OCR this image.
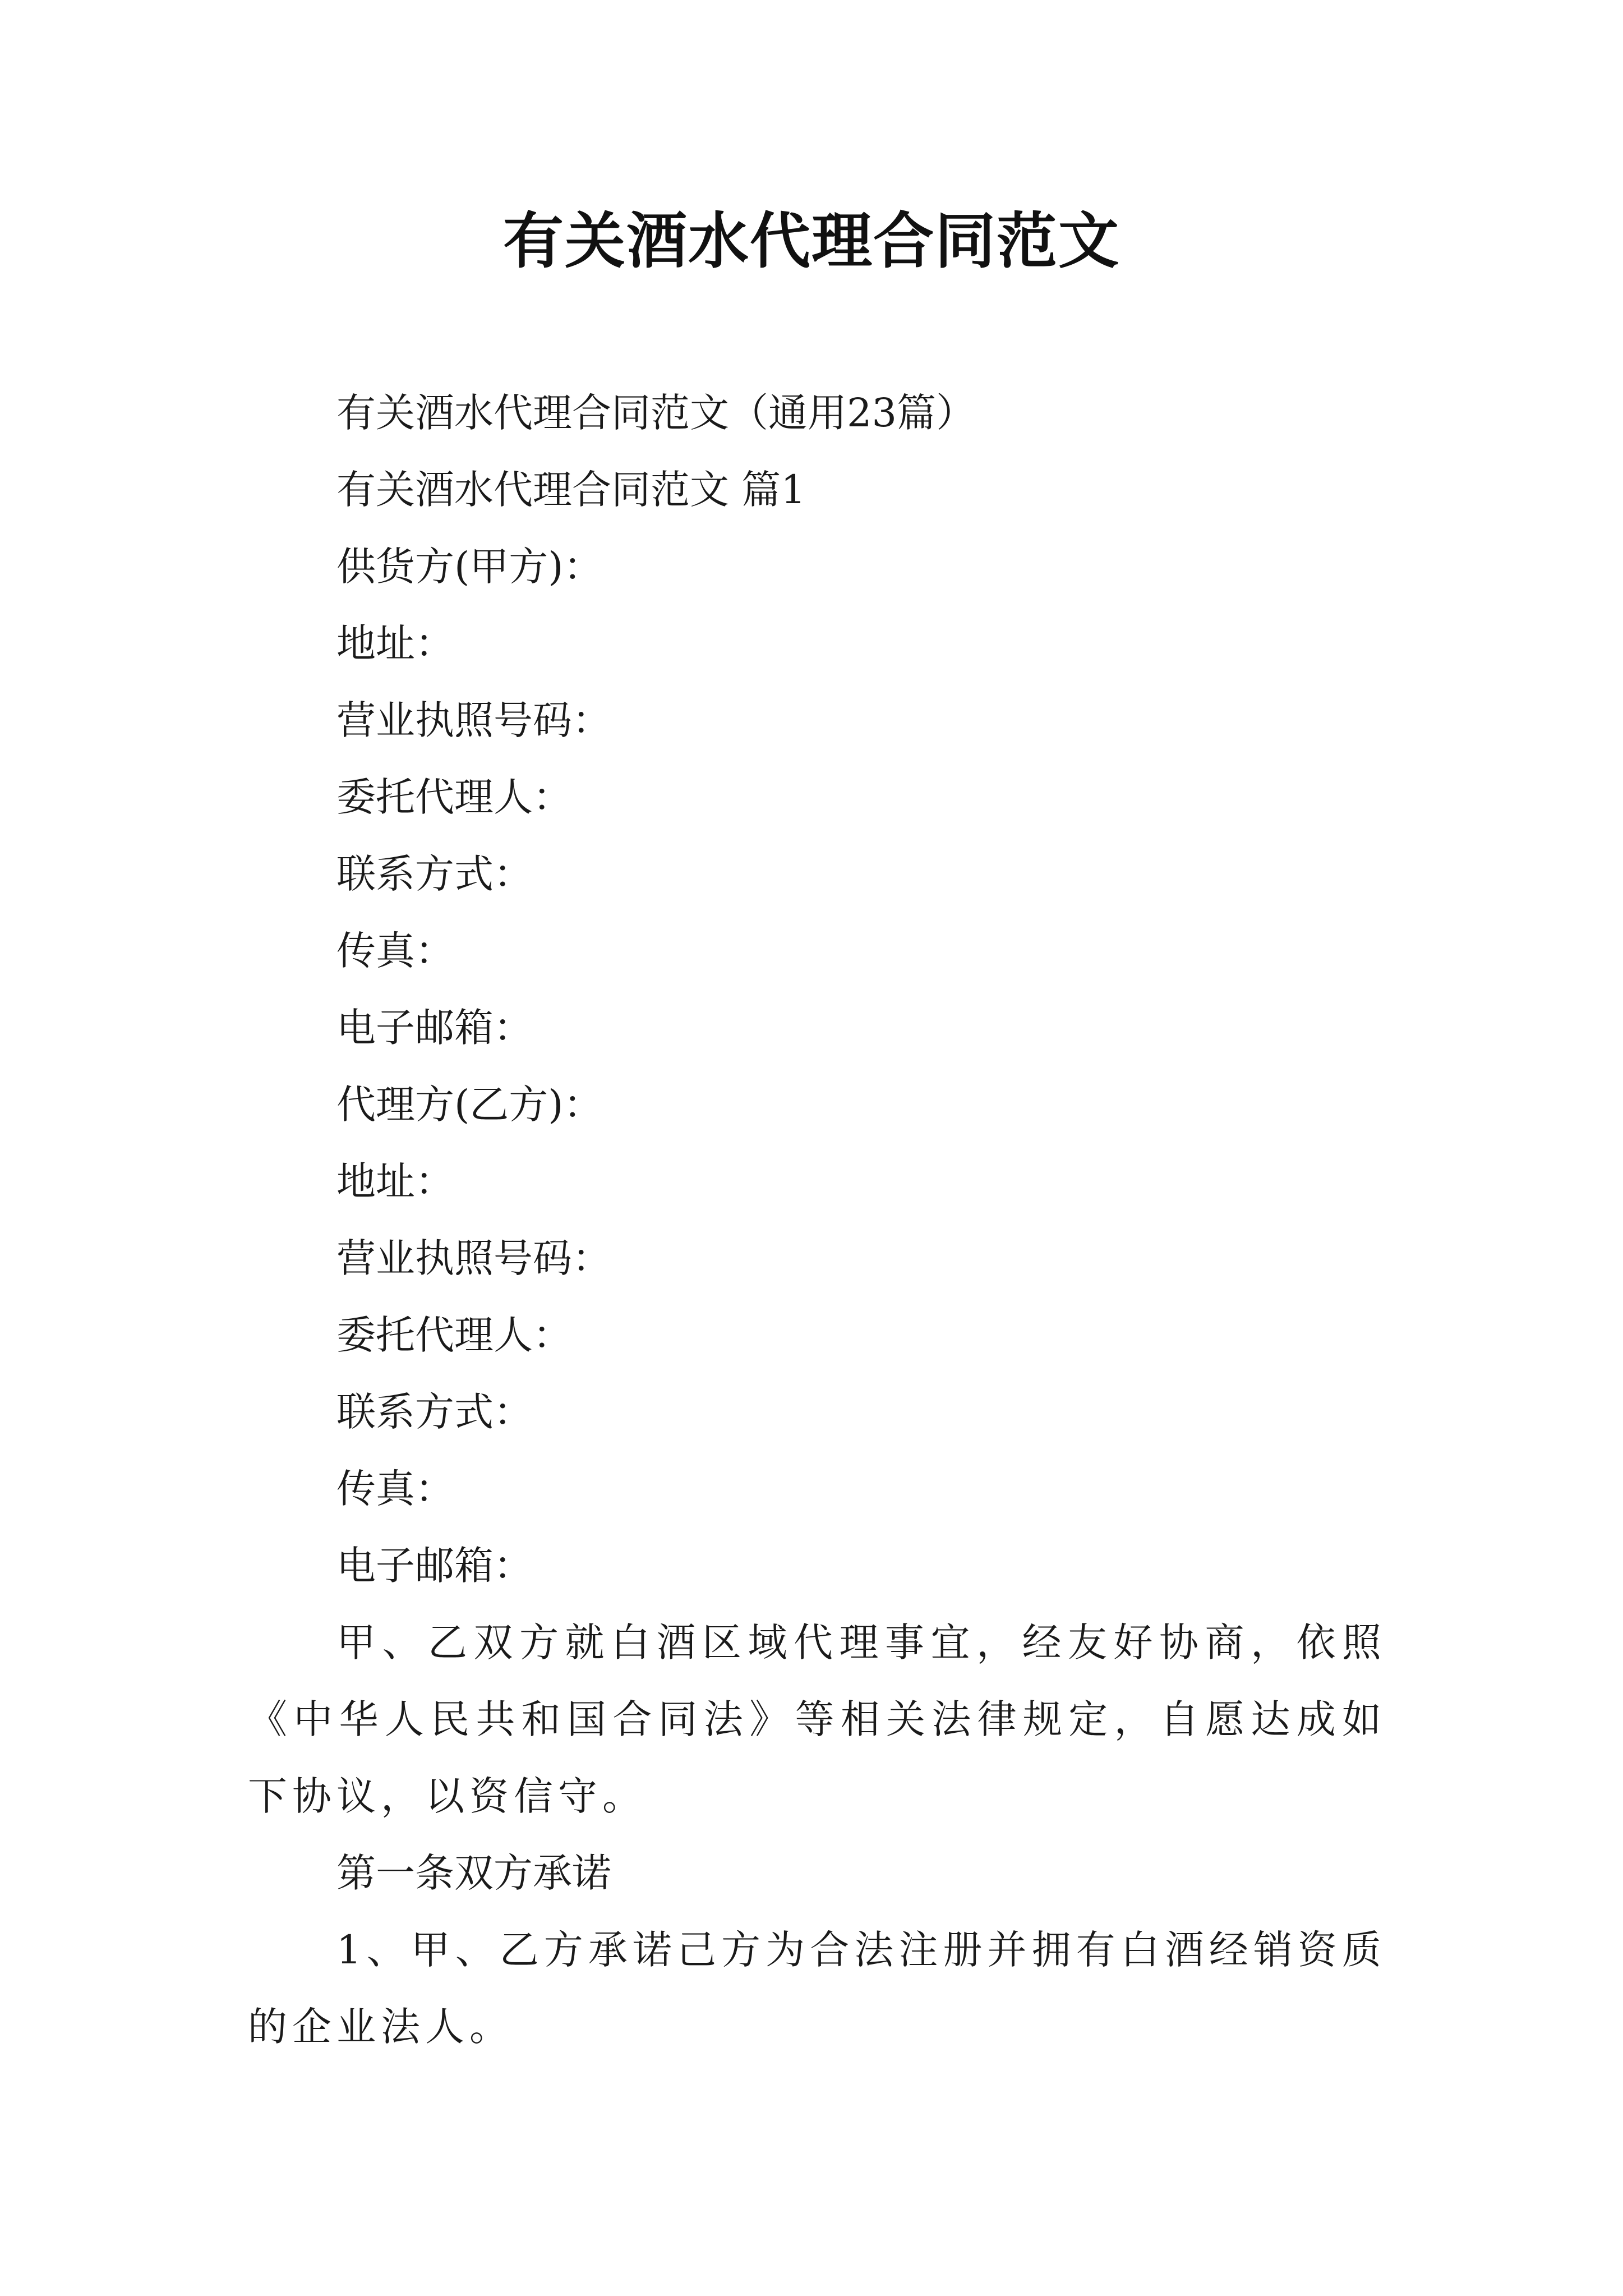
有关酒水代理合同范文

有关酒水代理合同范文（通用23篇）

有关酒水代理合同范文 篇1

供货方(甲方)：

地址：

营业执照号码：

委托代理人：

联系方式：

传真：

电子邮箱：

代理方(乙方)：

地址：

营业执照号码：

委托代理人：

联系方式：

传真：

电子邮箱：

甲、乙双方就白酒区域代理事宜，经友好协商，依照《中华人民共和国合同法》等相关法律规定，自愿达成如下协议，以资信守。

第一条双方承诺

1、甲、乙方承诺己方为合法注册并拥有白酒经销资质的企业法人。
